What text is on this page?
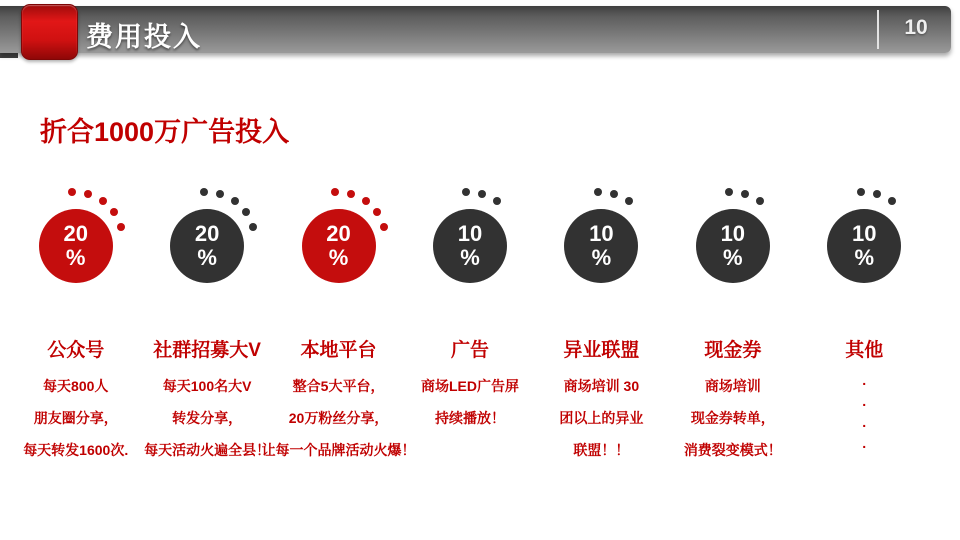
费用投入	10
折合1000万广告投入
20
%
公众号
每天800人
朋友圈分享，
每天转发1600次.
20
%
社群招募大V
每天100名大V
转发分享，
每天活动火遍全县！
20
%
本地平台
整合5大平台，
20万粉丝分享，
让每一个品牌活动火爆！
10
%
广告
商场LED广告屏
持续播放！
10
%
异业联盟
商场培训 30
团以上的异业
联盟！！
10
%
现金券
商场培训
现金券转单，
消费裂变模式！
10
%
其他
.
.
.
.
